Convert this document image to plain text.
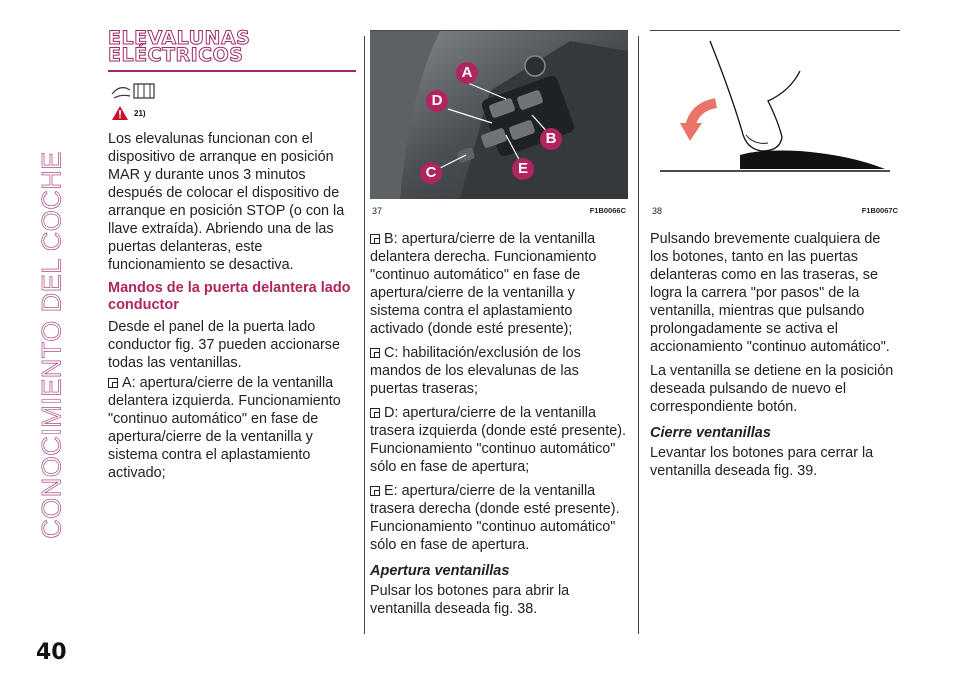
CONOCIMIENTO DEL COCHE
40
ELEVALUNAS
ELÉCTRICOS
21)

Los elevalunas funcionan con el dispositivo de arranque en posición MAR y durante unos 3 minutos después de colocar el dispositivo de arranque en posición STOP (o con la llave extraída). Abriendo una de las puertas delanteras, este funcionamiento se desactiva.

Mandos de la puerta delantera lado conductor

Desde el panel de la puerta lado conductor fig. 37 pueden accionarse todas las ventanillas.

A: apertura/cierre de la ventanilla delantera izquierda. Funcionamiento "continuo automático" en fase de apertura/cierre de la ventanilla y sistema contra el aplastamiento activado;

A
D
B
E
C
37	F1B0066C

B: apertura/cierre de la ventanilla delantera derecha. Funcionamiento "continuo automático" en fase de apertura/cierre de la ventanilla y sistema contra el aplastamiento activado (donde esté presente);

C: habilitación/exclusión de los mandos de los elevalunas de las puertas traseras;

D: apertura/cierre de la ventanilla trasera izquierda (donde esté presente). Funcionamiento "continuo automático" sólo en fase de apertura;

E: apertura/cierre de la ventanilla trasera derecha (donde esté presente). Funcionamiento "continuo automático" sólo en fase de apertura.

Apertura ventanillas

Pulsar los botones para abrir la ventanilla deseada fig. 38.

38	F1B0067C

Pulsando brevemente cualquiera de los botones, tanto en las puertas delanteras como en las traseras, se logra la carrera "por pasos" de la ventanilla, mientras que pulsando prolongadamente se activa el accionamiento "continuo automático".

La ventanilla se detiene en la posición deseada pulsando de nuevo el correspondiente botón.

Cierre ventanillas

Levantar los botones para cerrar la ventanilla deseada fig. 39.
